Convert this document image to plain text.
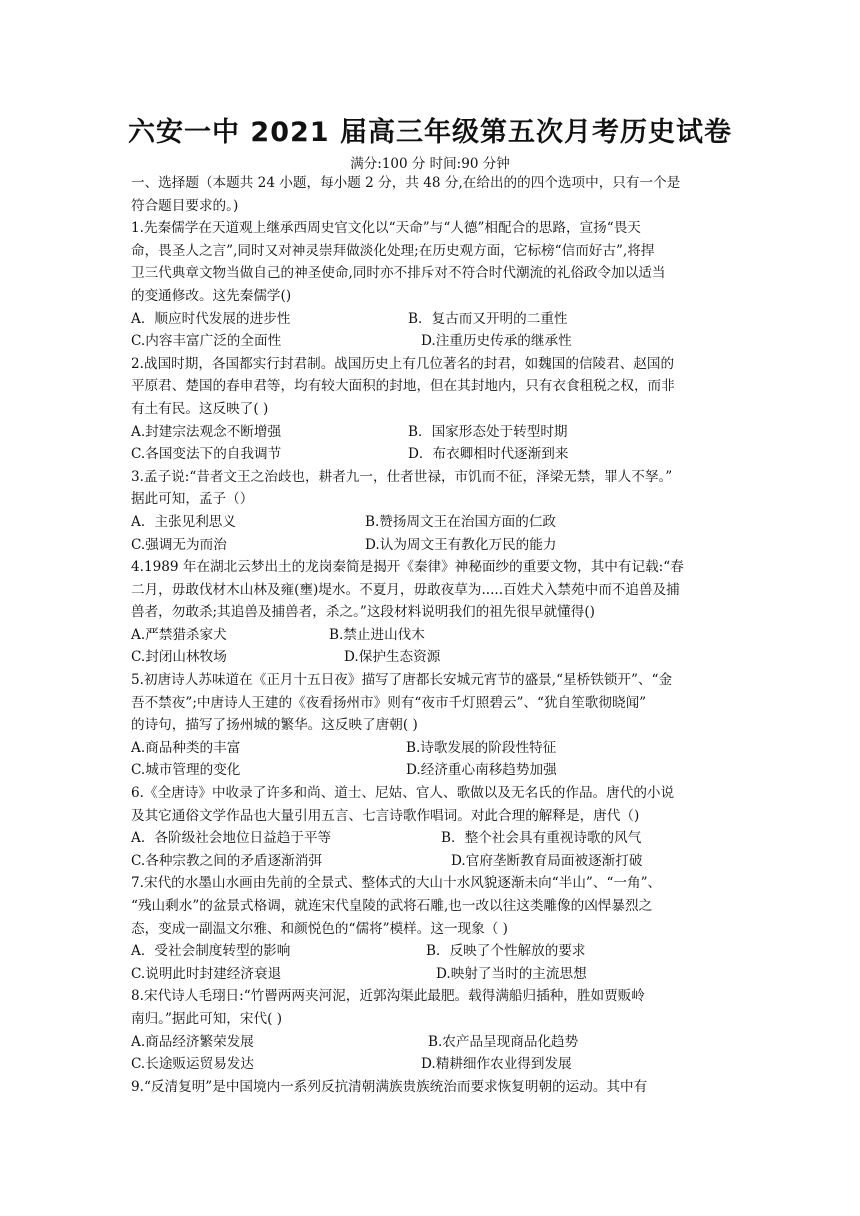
六安一中 2021 届高三年级第五次月考历史试卷
满分:100 分 时间:90 分钟
一、选择题（本题共 24 小题，每小题 2 分，共 48 分,在给出的的四个选项中，只有一个是
符合题目要求的。)
1.先秦儒学在天道观上继承西周史官文化以“天命”与“人德”相配合的思路，宣扬“畏天
命，畏圣人之言”,同时又对神灵崇拜做淡化处理;在历史观方面，它标榜“信而好古”,将捍
卫三代典章文物当做自己的神圣使命,同时亦不排斥对不符合时代潮流的礼俗政令加以适当
的变通修改。这先秦儒学()
A．顺应时代发展的进步性	B．复古而又开明的二重性
C.内容丰富广泛的全面性	D.注重历史传承的继承性
2.战国时期，各国都实行封君制。战国历史上有几位著名的封君，如魏国的信陵君、赵国的
平原君、楚国的春申君等，均有较大面积的封地，但在其封地内，只有衣食租税之权，而非
有土有民。这反映了( )
A.封建宗法观念不断增强	B．国家形态处于转型时期
C.各国变法下的自我调节	D．布衣卿相时代逐渐到来
3.孟子说:“昔者文王之治歧也，耕者九一，仕者世禄，市饥而不征，泽梁无禁，罪人不孥。”
据此可知，孟子（）
A．主张见利思义	B.赞扬周文王在治国方面的仁政
C.强调无为而治	D.认为周文王有教化万民的能力
4.1989 年在湖北云梦出土的龙岗秦简是揭开《秦律》神秘面纱的重要文物，其中有记载:“春
二月，毋敢伐材木山林及雍(壅)堤水。不夏月，毋敢夜草为.....百姓犬入禁苑中而不追兽及捕
兽者，勿敢杀;其追兽及捕兽者，杀之。”这段材料说明我们的祖先很早就懂得()
A.严禁猎杀家犬	B.禁止进山伐木
C.封闭山林牧场	D.保护生态资源
5.初唐诗人苏味道在《正月十五日夜》描写了唐都长安城元宵节的盛景,“星桥铁锁开”、“金
吾不禁夜”;中唐诗人王建的《夜看扬州市》则有“夜市千灯照碧云”、“犹自笙歌彻晓闻”
的诗句，描写了扬州城的繁华。这反映了唐朝( )
A.商品种类的丰富	B.诗歌发展的阶段性特征
C.城市管理的变化	D.经济重心南移趋势加强
6.《全唐诗》中收录了许多和尚、道士、尼姑、官人、歌做以及无名氏的作品。唐代的小说
及其它通俗文学作品也大量引用五言、七言诗歌作唱词。对此合理的解释是，唐代（)
A．各阶级社会地位日益趋于平等	B．整个社会具有重视诗歌的风气
C.各种宗教之间的矛盾逐渐消弭	D.官府垄断教育局面被逐渐打破
7.宋代的水墨山水画由先前的全景式、整体式的大山十水风貌逐渐未向“半山”、“一角”、
“残山剩水”的盆景式格调，就连宋代皇陵的武将石雕,也一改以往这类雕像的凶悍暴烈之
态，变成一副温文尔雅、和颜悦色的“儒将”模样。这一现象（ )
A．受社会制度转型的影响	B．反映了个性解放的要求
C.说明此时封建经济衰退	D.映射了当时的主流思想
8.宋代诗人毛珝日:“竹罾两两夹河泥，近郭沟渠此最肥。载得满船归插种，胜如贾贩岭
南归。”据此可知，宋代( )
A.商品经济繁荣发展	B.农产品呈现商品化趋势
C.长途贩运贸易发达	D.精耕细作农业得到发展
9.“反清复明”是中国境内一系列反抗清朝满族贵族统治而要求恢复明朝的运动。其中有
